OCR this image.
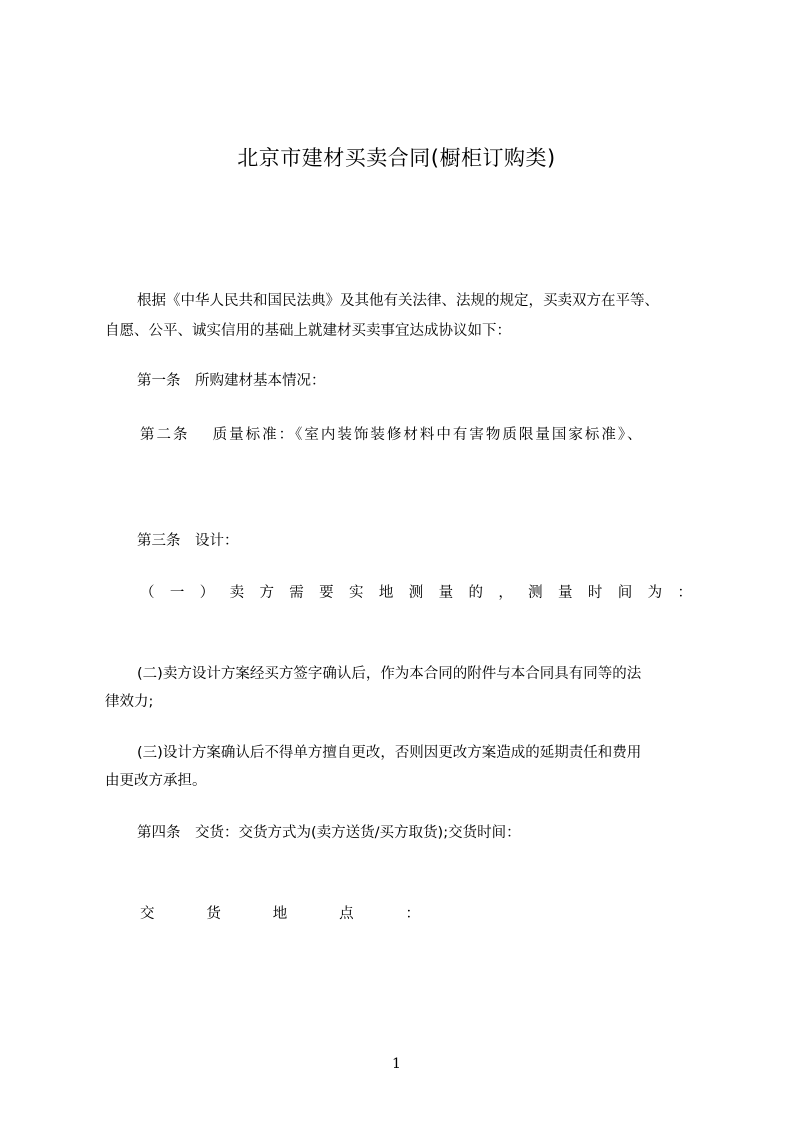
北京市建材买卖合同(橱柜订购类)
根据《中华人民共和国民法典》及其他有关法律、法规的规定，买卖双方在平等、
自愿、公平、诚实信用的基础上就建材买卖事宜达成协议如下：
第一条　所购建材基本情况：
第二条　 质量标准：《室内装饰装修材料中有害物质限量国家标准》、
第三条　设计：
（ 一 ） 卖 方 需 要 实 地 测 量 的 ， 测 量 时 间 为 ：
(二)卖方设计方案经买方签字确认后，作为本合同的附件与本合同具有同等的法
律效力;
(三)设计方案确认后不得单方擅自更改，否则因更改方案造成的延期责任和费用
由更改方承担。
第四条　交货：交货方式为(卖方送货/买方取货);交货时间：
交	货	地	点	：
1
